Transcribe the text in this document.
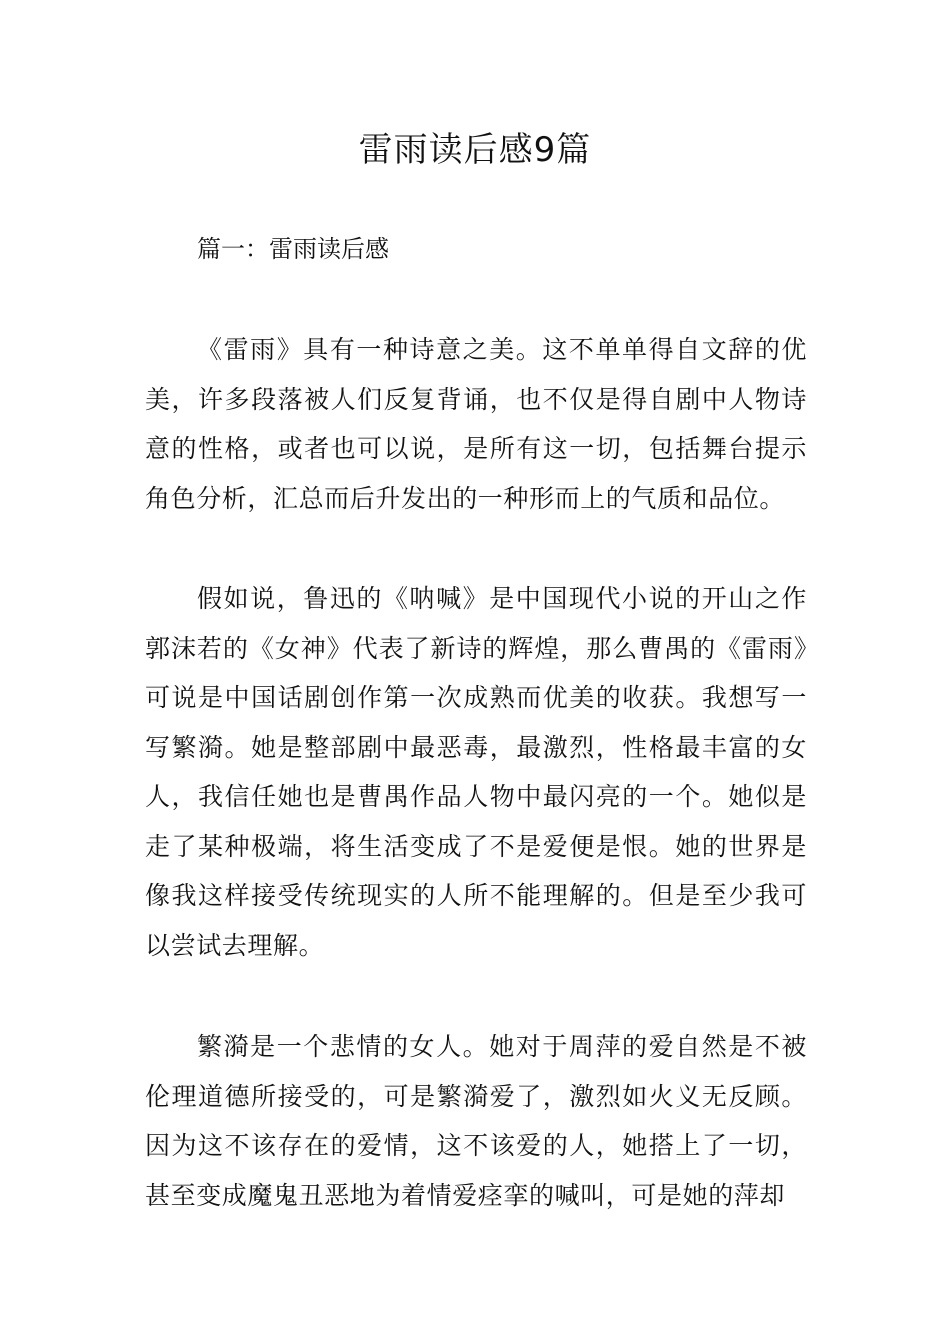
雷雨读后感9篇
篇一：雷雨读后感

《雷雨》具有一种诗意之美。这不单单得自文辞的优美，许多段落被人们反复背诵，也不仅是得自剧中人物诗意的性格，或者也可以说，是所有这一切，包括舞台提示角色分析，汇总而后升发出的一种形而上的气质和品位。

假如说，鲁迅的《呐喊》是中国现代小说的开山之作郭沫若的《女神》代表了新诗的辉煌，那么曹禺的《雷雨》可说是中国话剧创作第一次成熟而优美的收获。我想写一写繁漪。她是整部剧中最恶毒，最激烈，性格最丰富的女人，我信任她也是曹禺作品人物中最闪亮的一个。她似是走了某种极端，将生活变成了不是爱便是恨。她的世界是像我这样接受传统现实的人所不能理解的。但是至少我可以尝试去理解。

繁漪是一个悲情的女人。她对于周萍的爱自然是不被伦理道德所接受的，可是繁漪爱了，激烈如火义无反顾。因为这不该存在的爱情，这不该爱的人，她搭上了一切，甚至变成魔鬼丑恶地为着情爱痉挛的喊叫，可是她的萍却
